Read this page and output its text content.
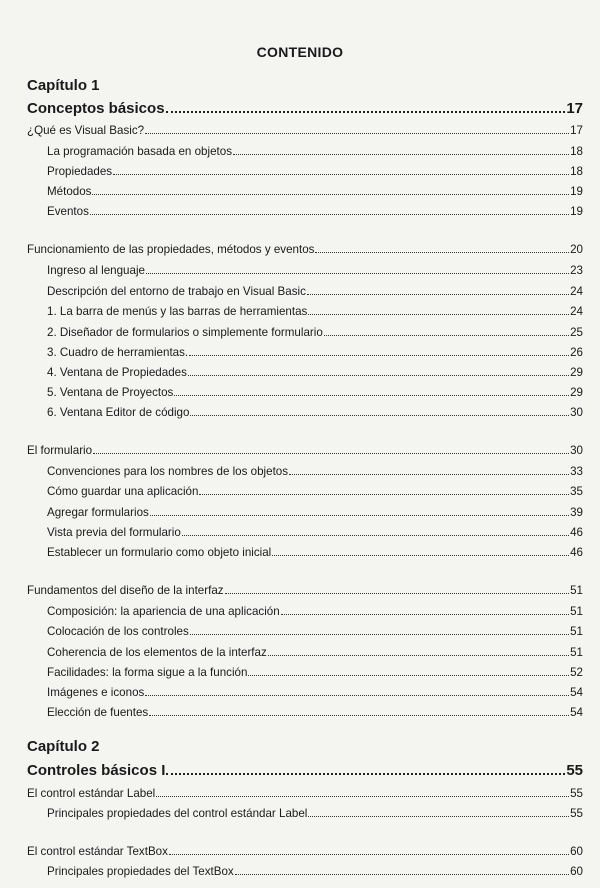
CONTENIDO
Capítulo 1
Conceptos básicos	17
¿Qué es Visual Basic?	17
La programación basada en objetos	18
Propiedades	18
Métodos	19
Eventos	19
Funcionamiento de las propiedades, métodos y eventos	20
Ingreso al lenguaje	23
Descripción del entorno de trabajo en Visual Basic	24
1. La barra de menús y las barras de herramientas	24
2. Diseñador de formularios o simplemente formulario	25
3. Cuadro de herramientas.	26
4. Ventana de Propiedades	29
5. Ventana de Proyectos	29
6. Ventana Editor de código	30
El formulario	30
Convenciones para los nombres de los objetos	33
Cómo guardar una aplicación	35
Agregar formularios	39
Vista previa del formulario	46
Establecer un formulario como objeto inicial	46
Fundamentos del diseño de la interfaz	51
Composición: la apariencia de una aplicación	51
Colocación de los controles	51
Coherencia de los elementos de la interfaz	51
Facilidades: la forma sigue a la función	52
Imágenes e iconos	54
Elección de fuentes	54
Capítulo 2
Controles básicos I	55
El control estándar Label	55
Principales propiedades del control estándar Label	55
El control estándar TextBox	60
Principales propiedades del TextBox	60
